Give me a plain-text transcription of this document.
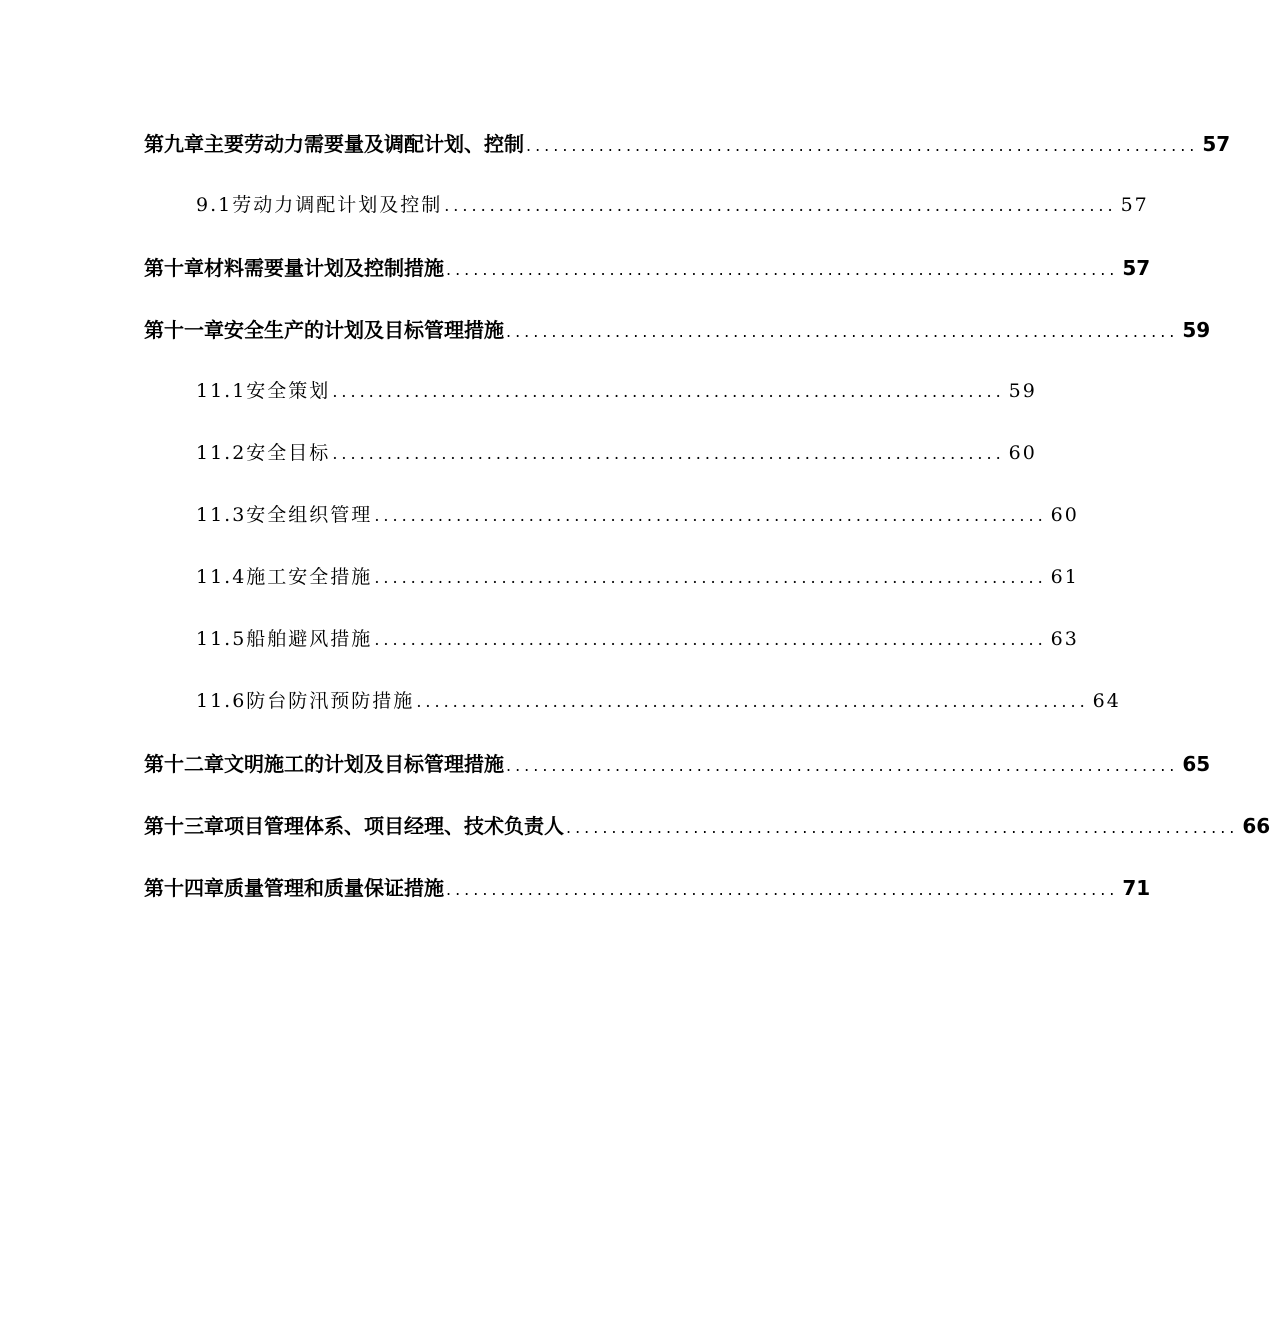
第九章 主要劳动力需要量及调配计划、控制 .......................................................................... 57
9.1劳动力调配计划及控制 .......................................................................... 57
第十章 材料需要量计划及控制措施 .......................................................................... 57
第十一章 安全生产的计划及目标管理措施 .......................................................................... 59
11.1安全策划 .......................................................................... 59
11.2安全目标 .......................................................................... 60
11.3安全组织管理 .......................................................................... 60
11.4施工安全措施 .......................................................................... 61
11.5船舶避风措施 .......................................................................... 63
11.6防台防汛预防措施 .......................................................................... 64
第十二章 文明施工的计划及目标管理措施 .......................................................................... 65
第十三章 项目管理体系、项目经理、技术负责人 .......................................................................... 66
第十四章 质量管理和质量保证措施 .......................................................................... 71
